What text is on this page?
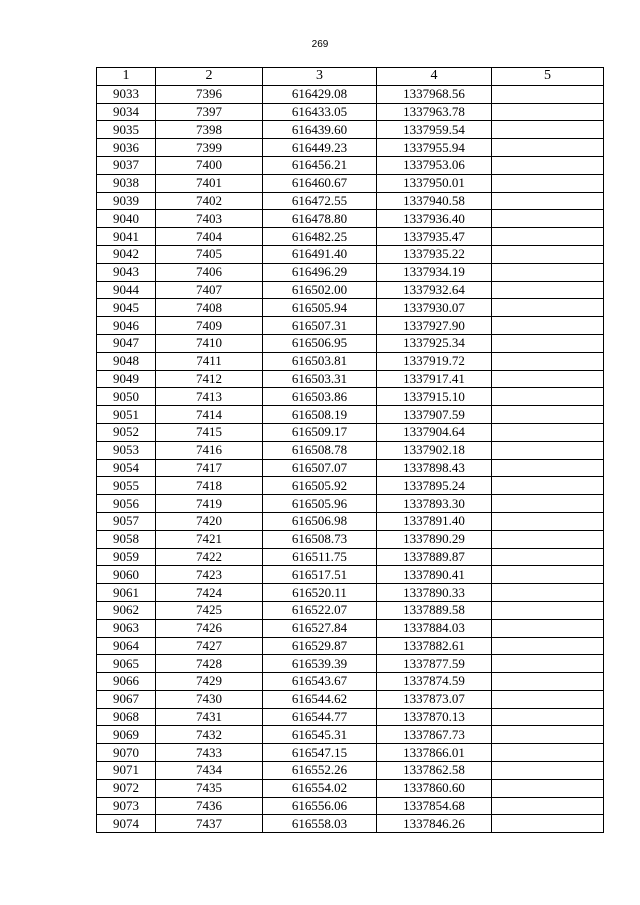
269
1	2	3	4	5
9033	7396	616429.08	1337968.56	
9034	7397	616433.05	1337963.78	
9035	7398	616439.60	1337959.54	
9036	7399	616449.23	1337955.94	
9037	7400	616456.21	1337953.06	
9038	7401	616460.67	1337950.01	
9039	7402	616472.55	1337940.58	
9040	7403	616478.80	1337936.40	
9041	7404	616482.25	1337935.47	
9042	7405	616491.40	1337935.22	
9043	7406	616496.29	1337934.19	
9044	7407	616502.00	1337932.64	
9045	7408	616505.94	1337930.07	
9046	7409	616507.31	1337927.90	
9047	7410	616506.95	1337925.34	
9048	7411	616503.81	1337919.72	
9049	7412	616503.31	1337917.41	
9050	7413	616503.86	1337915.10	
9051	7414	616508.19	1337907.59	
9052	7415	616509.17	1337904.64	
9053	7416	616508.78	1337902.18	
9054	7417	616507.07	1337898.43	
9055	7418	616505.92	1337895.24	
9056	7419	616505.96	1337893.30	
9057	7420	616506.98	1337891.40	
9058	7421	616508.73	1337890.29	
9059	7422	616511.75	1337889.87	
9060	7423	616517.51	1337890.41	
9061	7424	616520.11	1337890.33	
9062	7425	616522.07	1337889.58	
9063	7426	616527.84	1337884.03	
9064	7427	616529.87	1337882.61	
9065	7428	616539.39	1337877.59	
9066	7429	616543.67	1337874.59	
9067	7430	616544.62	1337873.07	
9068	7431	616544.77	1337870.13	
9069	7432	616545.31	1337867.73	
9070	7433	616547.15	1337866.01	
9071	7434	616552.26	1337862.58	
9072	7435	616554.02	1337860.60	
9073	7436	616556.06	1337854.68	
9074	7437	616558.03	1337846.26	
